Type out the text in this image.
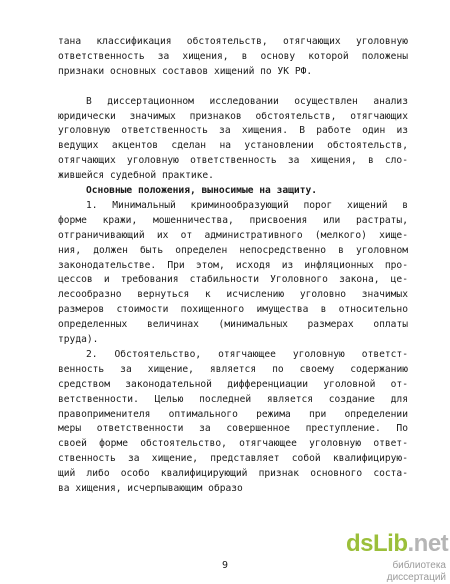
тана классификация обстоятельств, отягчающих уголовную
ответственность за хищения, в основу которой положены
признаки основных составов хищений по УК РФ.
В диссертационном исследовании осуществлен анализ
юридически значимых признаков обстоятельств, отягчающих
уголовную ответственность за хищения. В работе один из
ведущих акцентов сделан на установлении обстоятельств,
отягчающих уголовную ответственность за хищения, в сло-
жившейся судебной практике.
Основные положения, выносимые на защиту.
1. Минимальный криминообразующий порог хищений в
форме кражи, мошенничества, присвоения или растраты,
отграничивающий их от административного (мелкого) хище-
ния, должен быть определен непосредственно в уголовном
законодательстве. При этом, исходя из инфляционных про-
цессов и требования стабильности Уголовного закона, це-
лесообразно вернуться к исчислению уголовно значимых
размеров стоимости похищенного имущества в относительно
определенных величинах (минимальных размерах оплаты
труда).
2. Обстоятельство, отягчающее уголовную ответст-
венность за хищение, является по своему содержанию
средством законодательной дифференциации уголовной от-
ветственности. Целью последней является создание для
правоприменителя оптимального режима при определении
меры ответственности за совершенное преступление. По
своей форме обстоятельство, отягчающее уголовную ответ-
ственность за хищение, представляет собой квалифицирую-
щий либо особо квалифицирующий признак основного соста-
ва хищения, исчерпывающим образо
9
dsLib.net
библиотека диссертаций
